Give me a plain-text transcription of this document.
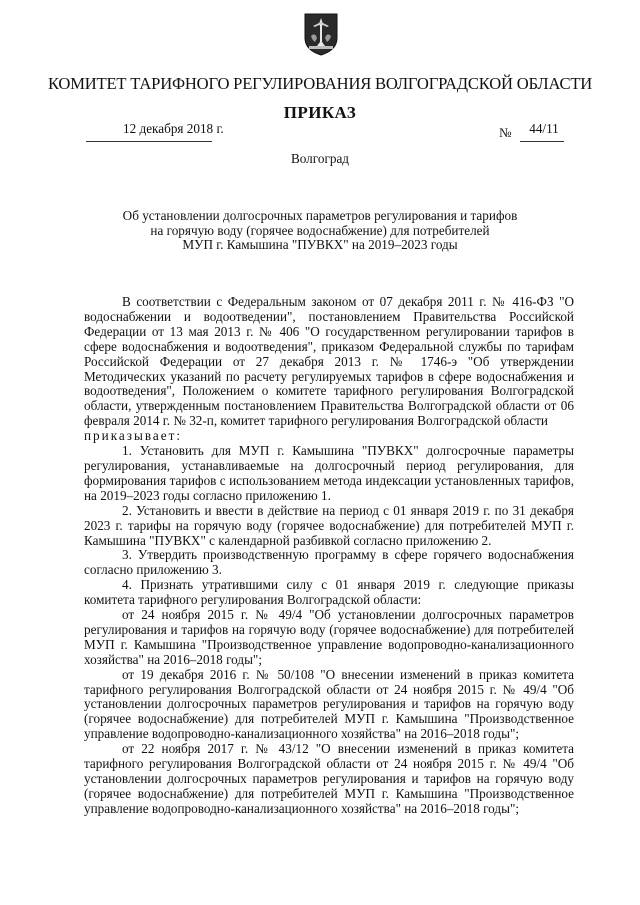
КОМИТЕТ ТАРИФНОГО РЕГУЛИРОВАНИЯ ВОЛГОГРАДСКОЙ ОБЛАСТИ
ПРИКАЗ
12 декабря 2018 г.	№	44/11
Волгоград
Об установлении долгосрочных параметров регулирования и тарифов
на горячую воду (горячее водоснабжение) для потребителей
МУП г. Камышина "ПУВКХ" на 2019–2023 годы

В соответствии с Федеральным законом от 07 декабря 2011 г. № 416-ФЗ "О водоснабжении и водоотведении", постановлением Правительства Российской Федерации от 13 мая 2013 г. № 406 "О государственном регулировании тарифов в сфере водоснабжения и водоотведения", приказом Федеральной службы по тарифам Российской Федерации от 27 декабря 2013 г. № 1746-э "Об утверждении Методических указаний по расчету регулируемых тарифов в сфере водоснабжения и водоотведения", Положением о комитете тарифного регулирования Волгоградской области, утвержденным постановлением Правительства Волгоградской области от 06 февраля 2014 г. № 32-п, комитет тарифного регулирования Волгоградской области

приказывает:

1. Установить для МУП г. Камышина "ПУВКХ" долгосрочные параметры регулирования, устанавливаемые на долгосрочный период регулирования, для формирования тарифов с использованием метода индексации установленных тарифов, на 2019–2023 годы согласно приложению 1.

2. Установить и ввести в действие на период с 01 января 2019 г. по 31 декабря 2023 г. тарифы на горячую воду (горячее водоснабжение) для потребителей МУП г. Камышина "ПУВКХ" с календарной разбивкой согласно приложению 2.

3. Утвердить производственную программу в сфере горячего водоснабжения согласно приложению 3.

4. Признать утратившими силу с 01 января 2019 г. следующие приказы комитета тарифного регулирования Волгоградской области:

от 24 ноября 2015 г. № 49/4 "Об установлении долгосрочных параметров регулирования и тарифов на горячую воду (горячее водоснабжение) для потребителей МУП г. Камышина "Производственное управление водопроводно-канализационного хозяйства" на 2016–2018 годы";

от 19 декабря 2016 г. № 50/108 "О внесении изменений в приказ комитета тарифного регулирования Волгоградской области от 24 ноября 2015 г. № 49/4 "Об установлении долгосрочных параметров регулирования и тарифов на горячую воду (горячее водоснабжение) для потребителей МУП г. Камышина "Производственное управление водопроводно-канализационного хозяйства" на 2016–2018 годы";

от 22 ноября 2017 г. № 43/12 "О внесении изменений в приказ комитета тарифного регулирования Волгоградской области от 24 ноября 2015 г. № 49/4 "Об установлении долгосрочных параметров регулирования и тарифов на горячую воду (горячее водоснабжение) для потребителей МУП г. Камышина "Производственное управление водопроводно-канализационного хозяйства" на 2016–2018 годы";
